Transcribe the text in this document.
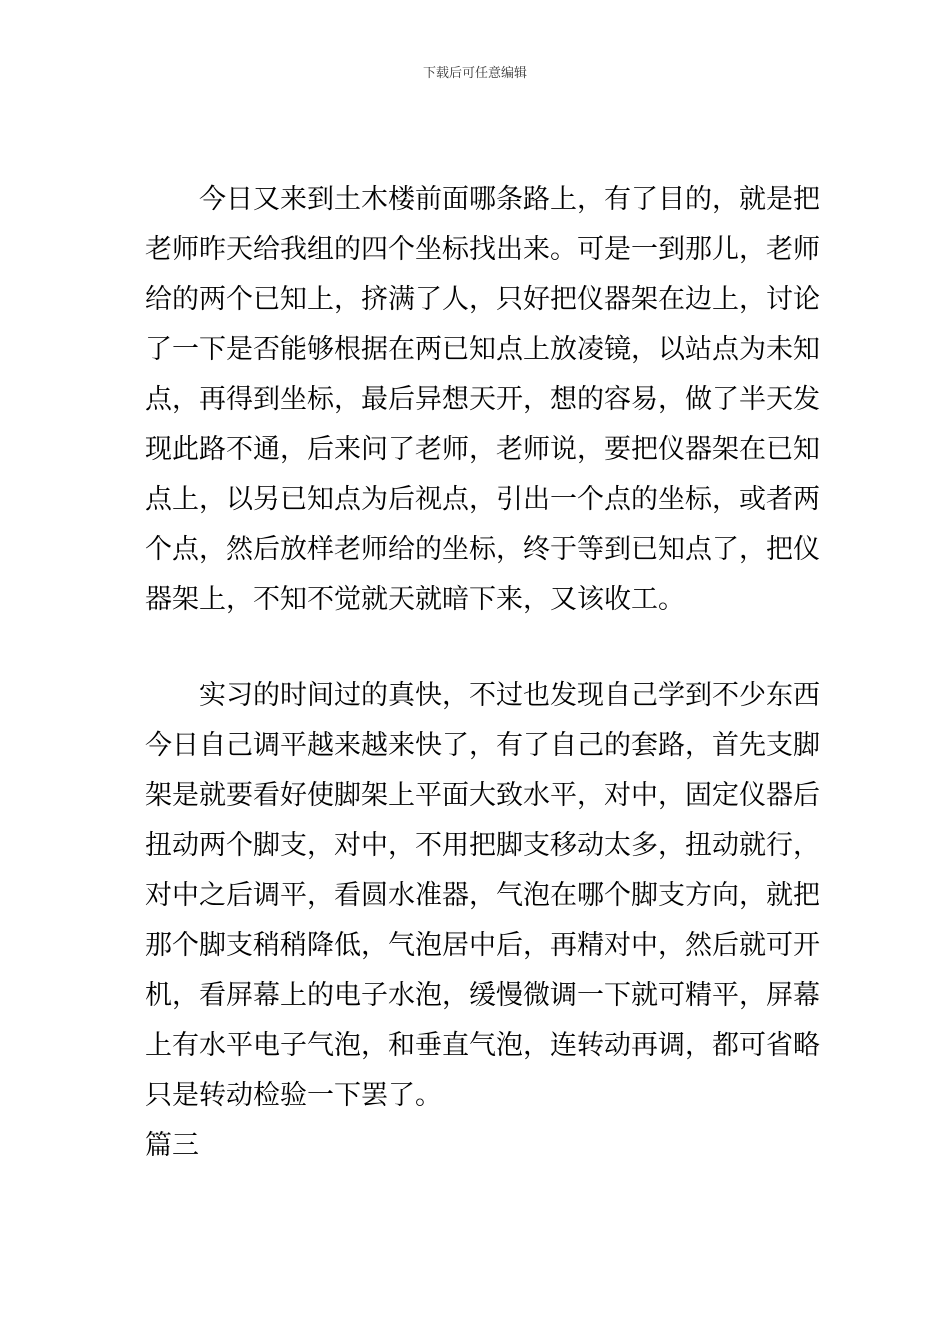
下载后可任意编辑
　　今日又来到土木楼前面哪条路上，有了目的，就是把
老师昨天给我组的四个坐标找出来。可是一到那儿，老师
给的两个已知上，挤满了人，只好把仪器架在边上，讨论
了一下是否能够根据在两已知点上放凌镜，以站点为未知
点，再得到坐标，最后异想天开，想的容易，做了半天发
现此路不通，后来问了老师，老师说，要把仪器架在已知
点上，以另已知点为后视点，引出一个点的坐标，或者两
个点，然后放样老师给的坐标，终于等到已知点了，把仪
器架上，不知不觉就天就暗下来，又该收工。
　　实习的时间过的真快，不过也发现自己学到不少东西
今日自己调平越来越来快了，有了自己的套路，首先支脚
架是就要看好使脚架上平面大致水平，对中，固定仪器后
扭动两个脚支，对中，不用把脚支移动太多，扭动就行，
对中之后调平，看圆水准器，气泡在哪个脚支方向，就把
那个脚支稍稍降低，气泡居中后，再精对中，然后就可开
机，看屏幕上的电子水泡，缓慢微调一下就可精平，屏幕
上有水平电子气泡，和垂直气泡，连转动再调，都可省略
只是转动检验一下罢了。
篇三
